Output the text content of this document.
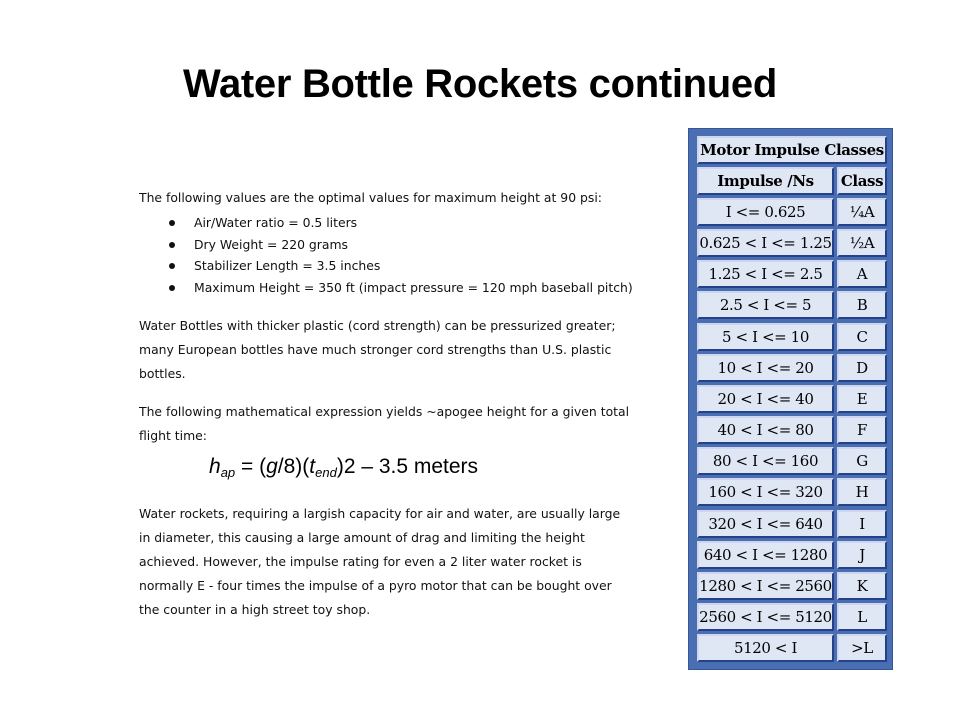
Water Bottle Rockets continued

The following values are the optimal values for maximum height at 90 psi:

Air/Water ratio = 0.5 liters
Dry Weight = 220 grams
Stabilizer Length = 3.5 inches
Maximum Height = 350 ft (impact pressure = 120 mph baseball pitch)

Water Bottles with thicker plastic (cord strength) can be pressurized greater;

many European bottles have much stronger cord strengths than U.S. plastic

bottles.

The following mathematical expression yields ~apogee height for a given total

flight time:

$h_{ap} = (g/8)(t_{end})2 - 3.5$ meters

Water rockets, requiring a largish capacity for air and water, are usually large

in diameter, this causing a large amount of drag and limiting the height

achieved. However, the impulse rating for even a 2 liter water rocket is

normally E - four times the impulse of a pyro motor that can be bought over

the counter in a high street toy shop.

Motor Impulse Classes
Impulse /Ns	Class
I <= 0.625	¼A
0.625 < I <= 1.25	½A
1.25 < I <= 2.5	A
2.5 < I <= 5	B
5 < I <= 10	C
10 < I <= 20	D
20 < I <= 40	E
40 < I <= 80	F
80 < I <= 160	G
160 < I <= 320	H
320 < I <= 640	I
640 < I <= 1280	J
1280 < I <= 2560	K
2560 < I <= 5120	L
5120 < I	>L
